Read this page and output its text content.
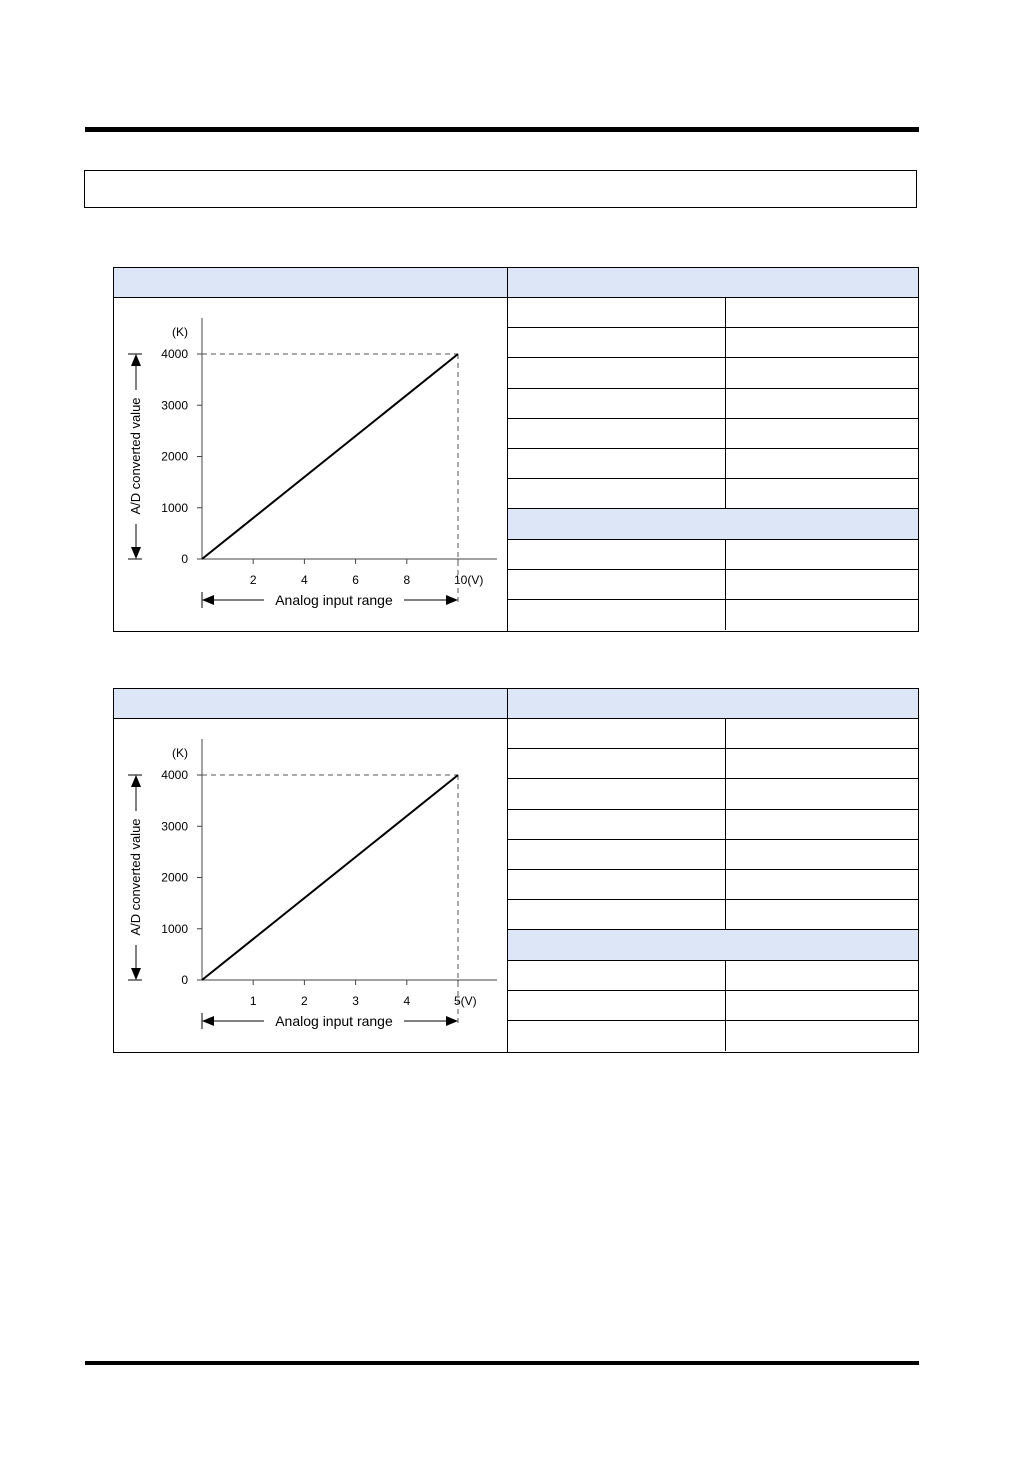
0
1000
2000
3000
4000
(K)
2	4	6	8	10(V)
A/D converted value
Analog input range
0
1000
2000
3000
4000
(K)
1	2	3	4	5(V)
A/D converted value
Analog input range
